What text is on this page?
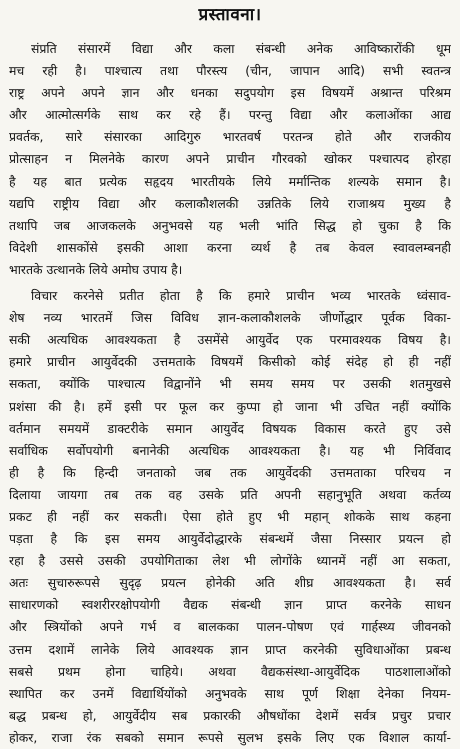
प्रस्तावना।

संप्रति संसारमें विद्या और कला संबन्धी अनेक आविष्कारोंकी धूम

मच रही है। पाश्चात्य तथा पौरस्त्य (चीन, जापान आदि) सभी स्वतन्त्र

राष्ट्र अपने अपने ज्ञान और धनका सदुपयोग इस विषयमें अश्रान्त परिश्रम

और आत्मोत्सर्गके साथ कर रहे हैं। परन्तु विद्या और कलाओंका आद्य

प्रवर्तक, सारे संसारका आदिगुरु भारतवर्ष परतन्त्र होते और राजकीय

प्रोत्साहन न मिलनेके कारण अपने प्राचीन गौरवको खोकर पश्चात्पद होरहा

है यह बात प्रत्येक सहृदय भारतीयके लिये मर्मान्तिक शल्यके समान है।

यद्यपि राष्ट्रीय विद्या और कलाकौशलकी उन्नतिके लिये राजाश्रय मुख्य है

तथापि जब आजकलके अनुभवसे यह भली भांति सिद्ध हो चुका है कि

विदेशी शासकोंसे इसकी आशा करना व्यर्थ है तब केवल स्वावलम्बनही

भारतके उत्थानके लिये अमोघ उपाय है।

विचार करनेसे प्रतीत होता है कि हमारे प्राचीन भव्य भारतके ध्वंसाव-

शेष नव्य भारतमें जिस विविध ज्ञान-कलाकौशलके जीर्णोद्धार पूर्वक विका-

सकी अत्यधिक आवश्यकता है उसमेंसे आयुर्वेद एक परमावश्यक विषय है।

हमारे प्राचीन आयुर्वेदकी उत्तमताके विषयमें किसीको कोई संदेह हो ही नहीं

सकता, क्योंकि पाश्चात्य विद्वानोंने भी समय समय पर उसकी शतमुखसे

प्रशंसा की है। हमें इसी पर फूल कर कुप्पा हो जाना भी उचित नहीं क्योंकि

वर्तमान समयमें डाक्टरीके समान आयुर्वेद विषयक विकास करते हुए उसे

सर्वाधिक सर्वोपयोगी बनानेकी अत्यधिक आवश्यकता है। यह भी निर्विवाद

ही है कि हिन्दी जनताको जब तक आयुर्वेदकी उत्तमताका परिचय न

दिलाया जायगा तब तक वह उसके प्रति अपनी सहानुभूति अथवा कर्तव्य

प्रकट ही नहीं कर सकती। ऐसा होते हुए भी महान् शोकके साथ कहना

पड़ता है कि इस समय आयुर्वेदोद्धारके संबन्धमें जैसा निस्सार प्रयत्न हो

रहा है उससे उसकी उपयोगिताका लेश भी लोगोंके ध्यानमें नहीं आ सकता,

अतः सुचारुरूपसे सुदृढ़ प्रयत्न होनेकी अति शीघ्र आवश्यकता है। सर्व

साधारणको स्वशरीररक्षोपयोगी वैद्यक संबन्धी ज्ञान प्राप्त करनेके साधन

और स्त्रियोंको अपने गर्भ व बालकका पालन-पोषण एवं गार्हस्थ्य जीवनको

उत्तम दशामें लानेके लिये आवश्यक ज्ञान प्राप्त करनेकी सुविधाओंका प्रबन्ध

सबसे प्रथम होना चाहिये। अथवा वैद्यकसंस्था-आयुर्वेदिक पाठशालाओंको

स्थापित कर उनमें विद्यार्थियोंको अनुभवके साथ पूर्ण शिक्षा देनेका नियम-

बद्ध प्रबन्ध हो, आयुर्वेदीय सब प्रकारकी औषधोंका देशमें सर्वत्र प्रचुर प्रचार

होकर, राजा रंक सबको समान रूपसे सुलभ इसके लिए एक विशाल कार्या-
